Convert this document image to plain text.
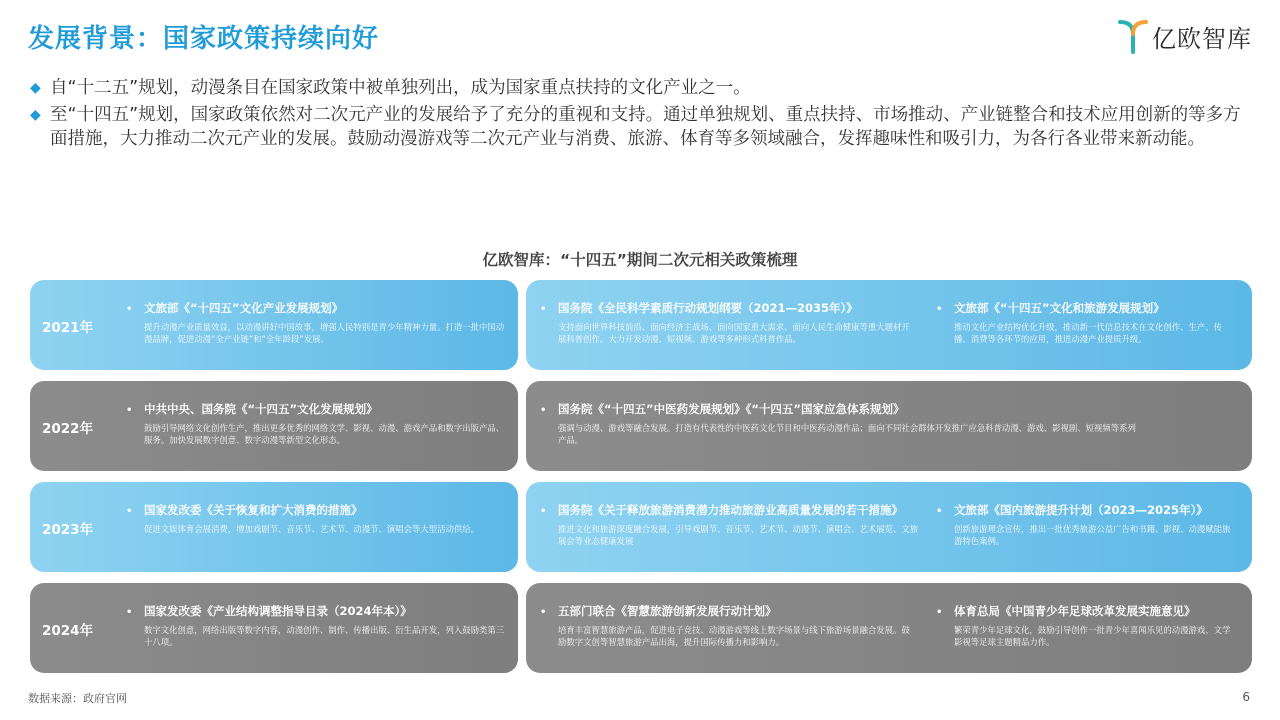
发展背景：国家政策持续向好	亿欧智库
◆ 自“十二五”规划，动漫条目在国家政策中被单独列出，成为国家重点扶持的文化产业之一。
◆ 至“十四五”规划，国家政策依然对二次元产业的发展给予了充分的重视和支持。通过单独规划、重点扶持、市场推动、产业链整合和技术应用创新的等多方面措施，大力推动二次元产业的发展。鼓励动漫游戏等二次元产业与消费、旅游、体育等多领域融合，发挥趣味性和吸引力，为各行各业带来新动能。
亿欧智库：“十四五”期间二次元相关政策梳理
2021年
• 文旅部《“十四五”文化产业发展规划》
提升动漫产业质量效益，以动漫讲好中国故事，增强人民特别是青少年精神力量。打造一批中国动漫品牌，促进动漫“全产业链”和“全年龄段”发展。
• 国务院《全民科学素质行动规划纲要（2021—2035年）》
支持面向世界科技前沿、面向经济主战场、面向国家重大需求、面向人民生命健康等重大题材开展科普创作。大力开发动漫、短视频、游戏等多种形式科普作品。
• 文旅部《“十四五”文化和旅游发展规划》
推动文化产业结构优化升级，推动新一代信息技术在文化创作、生产、传播、消费等各环节的应用，推进动漫产业提质升级。
2022年
• 中共中央、国务院《“十四五”文化发展规划》
鼓励引导网络文化创作生产，推出更多优秀的网络文学、影视、动漫、游戏产品和数字出版产品、服务。加快发展数字创意、数字动漫等新型文化形态。
• 国务院《“十四五”中医药发展规划》《“十四五”国家应急体系规划》
强调与动漫、游戏等融合发展。打造有代表性的中医药文化节目和中医药动漫作品；面向不同社会群体开发推广应急科普动漫、游戏、影视剧、短视频等系列产品。
2023年
• 国家发改委《关于恢复和扩大消费的措施》
促进文娱体育会展消费，增加戏剧节、音乐节、艺术节、动漫节、演唱会等大型活动供给。
• 国务院《关于释放旅游消费潜力推动旅游业高质量发展的若干措施》
推进文化和旅游深度融合发展，引导戏剧节、音乐节、艺术节、动漫节、演唱会、艺术展览、文旅展会等业态健康发展
• 文旅部《国内旅游提升计划（2023—2025年）》
创新旅游理念宣传，推出一批优秀旅游公益广告和书籍、影视、动漫赋能旅游特色案例。
2024年
• 国家发改委《产业结构调整指导目录（2024年本）》
数字文化创意，网络出版等数字内容，动漫创作、制作、传播出版、衍生品开发，列入鼓励类第三十八项。
• 五部门联合《智慧旅游创新发展行动计划》
培育丰富智慧旅游产品，促进电子竞技、动漫游戏等线上数字场景与线下旅游场景融合发展。鼓励数字文创等智慧旅游产品出海，提升国际传播力和影响力。
• 体育总局《中国青少年足球改革发展实施意见》
繁荣青少年足球文化，鼓励引导创作一批青少年喜闻乐见的动漫游戏、文学影视等足球主题精品力作。
数据来源：政府官网	6
